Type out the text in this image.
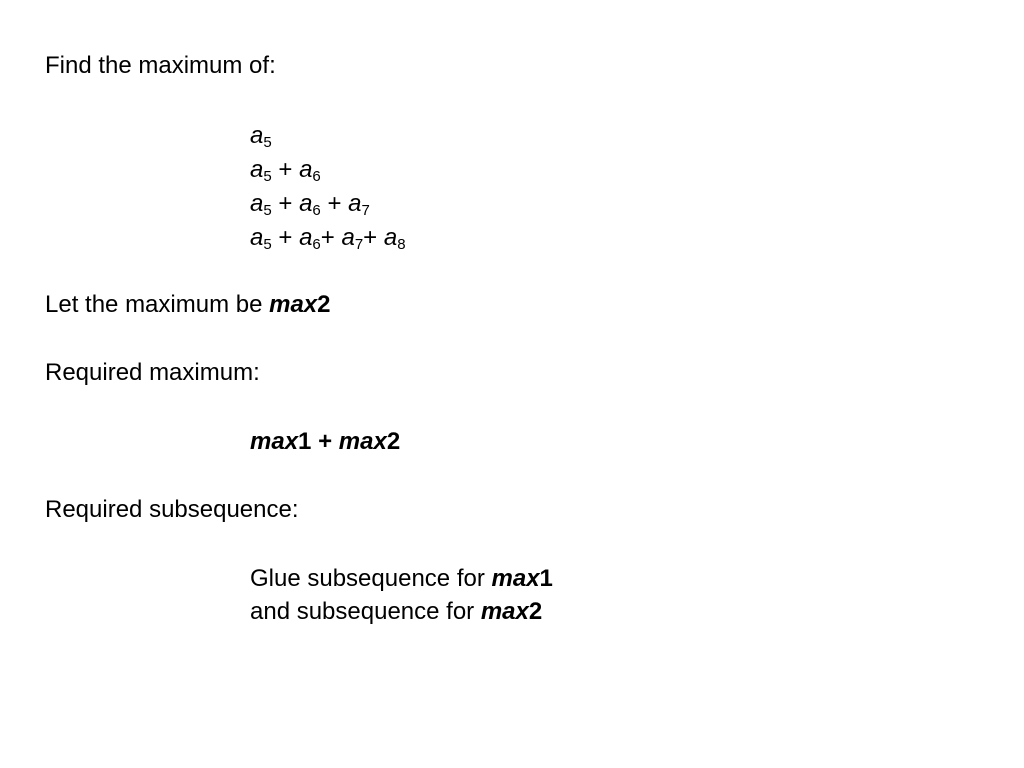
Find the maximum of:
$a_5$
$a_5 + a_6$
$a_5 + a_6 + a_7$
$a_5 + a_6+ a_7+ a_8$
Let the maximum be max2
Required maximum:
max1 + max2
Required subsequence:
Glue subsequence for max1
and subsequence for max2
